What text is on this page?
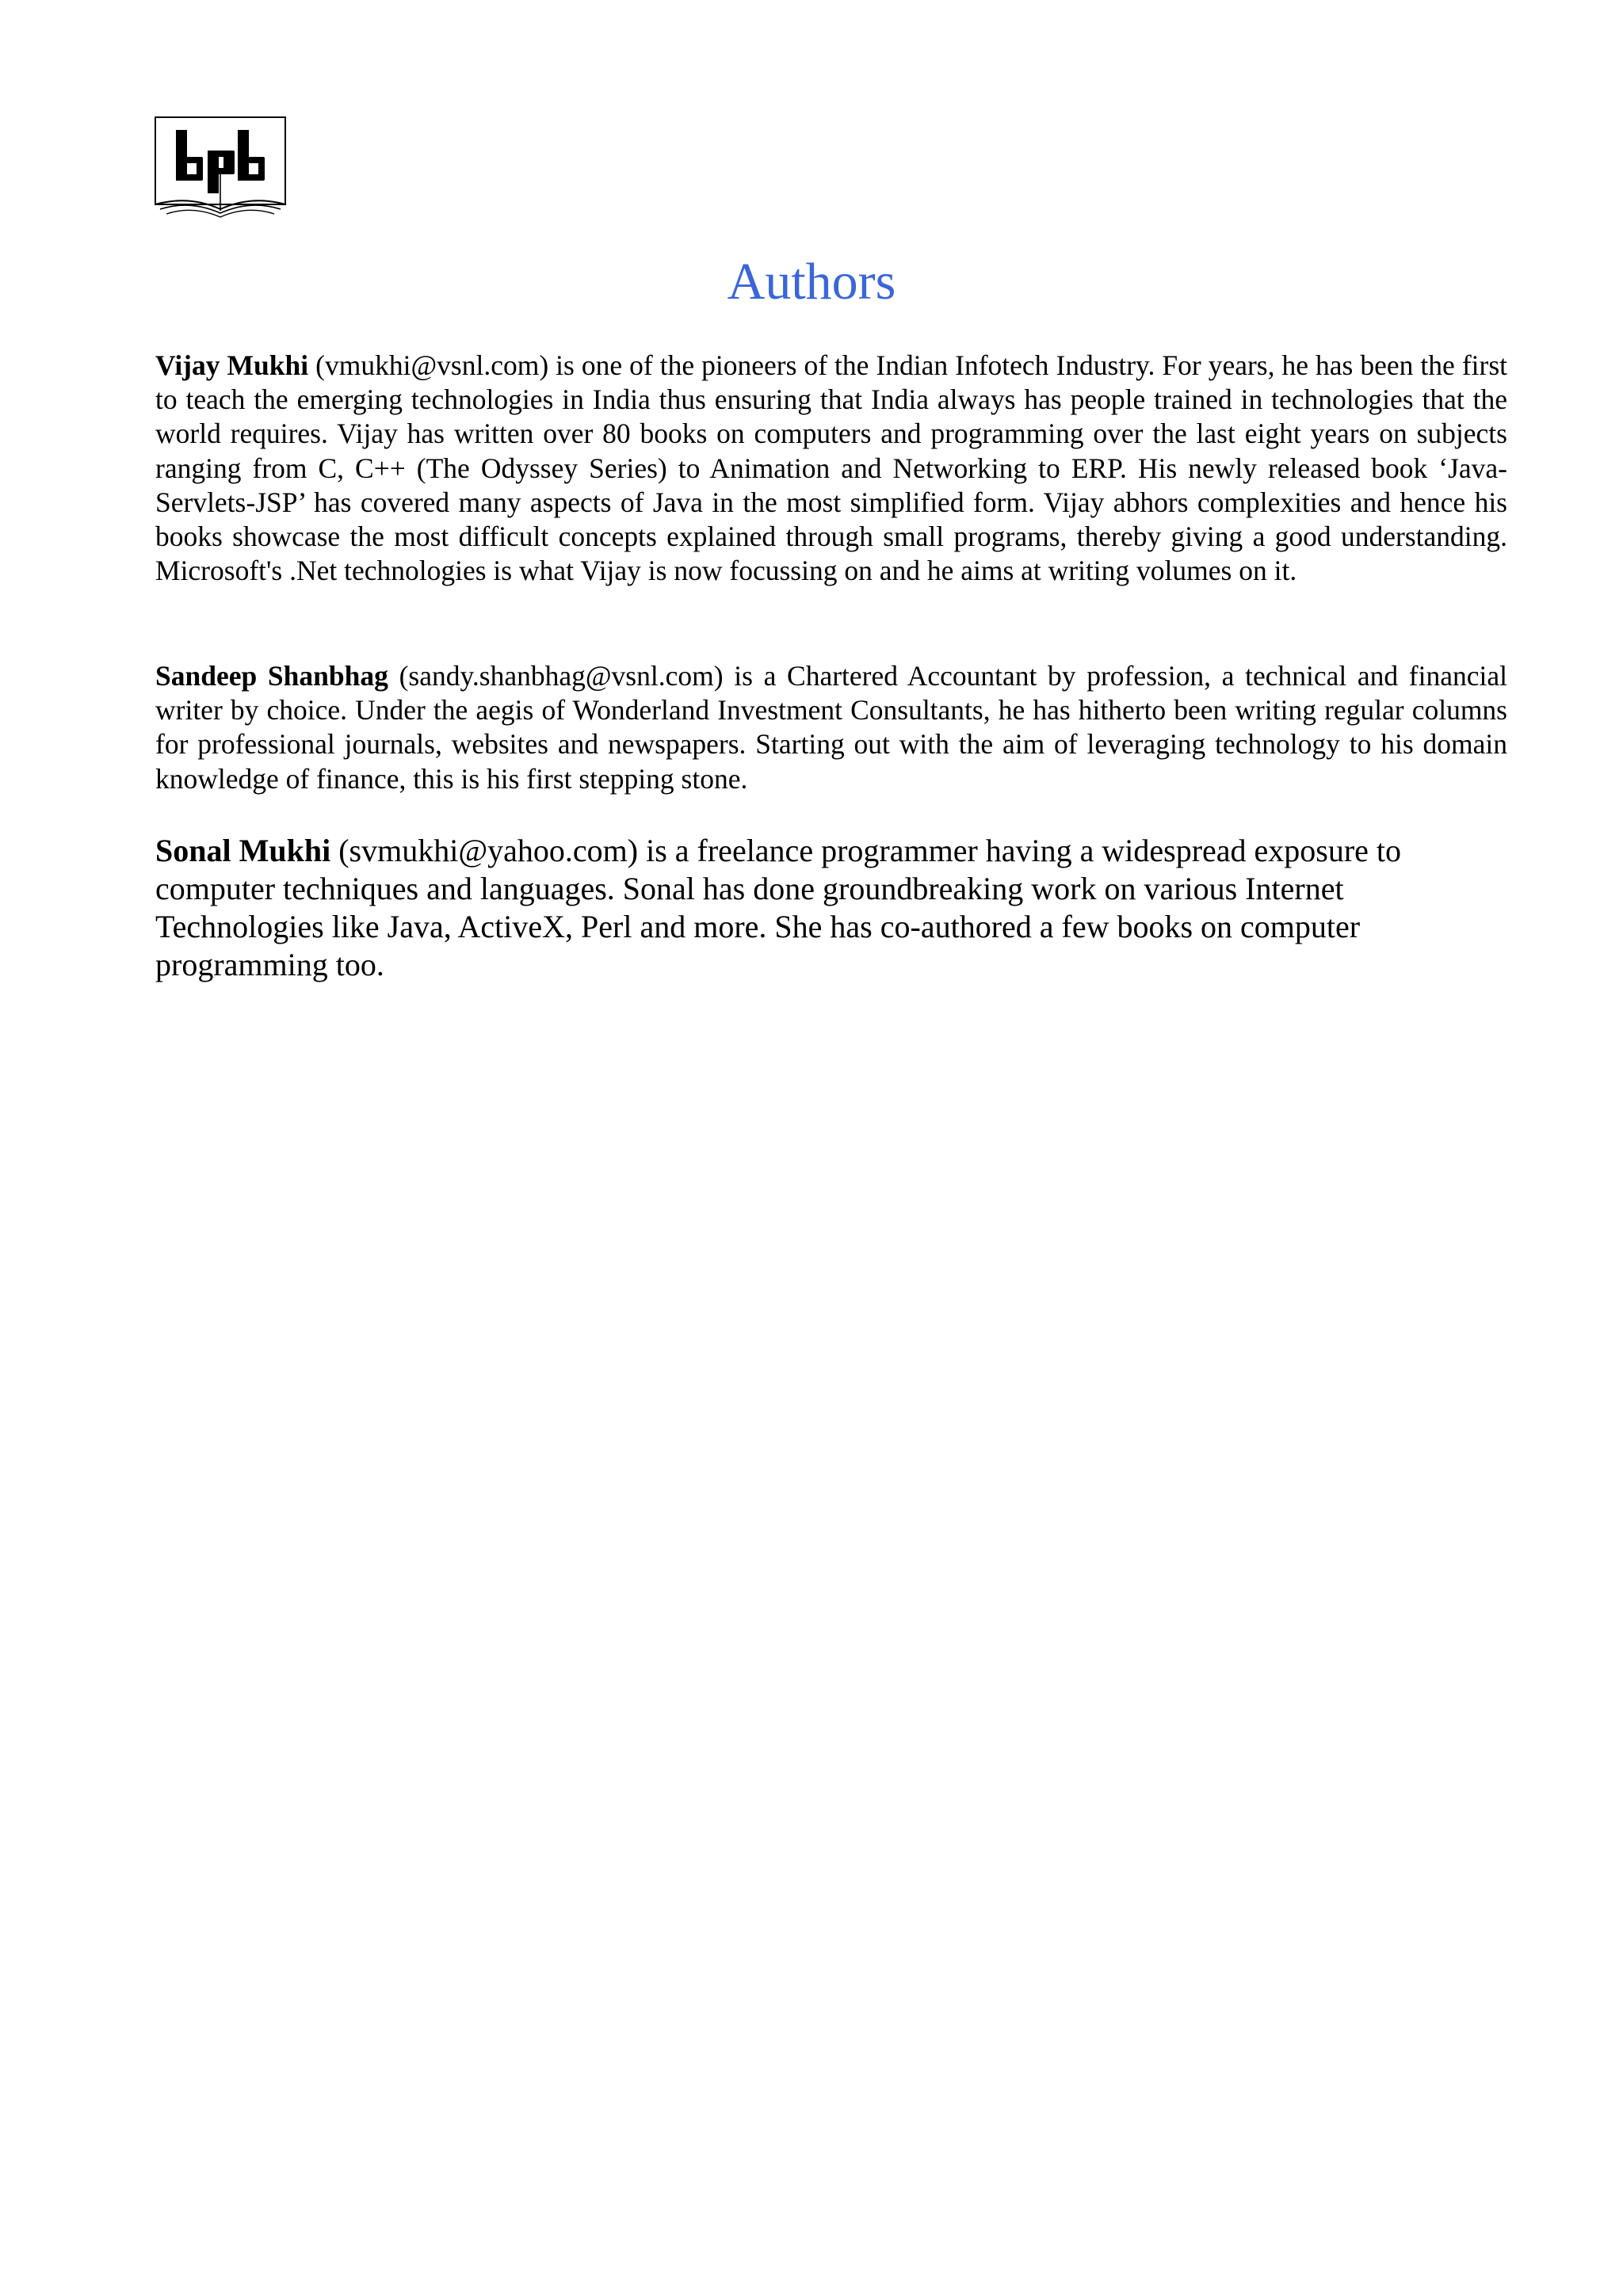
Authors

Vijay Mukhi (vmukhi@vsnl.com) is one of the pioneers of the Indian Infotech Industry. For years, he has been the first to teach the emerging technologies in India thus ensuring that India always has people trained in technologies that the world requires. Vijay has written over 80 books on computers and programming over the last eight years on subjects ranging from C, C++ (The Odyssey Series) to Animation and Networking to ERP. His newly released book ‘Java-Servlets-JSP’ has covered many aspects of Java in the most simplified form. Vijay abhors complexities and hence his books showcase the most difficult concepts explained through small programs, thereby giving a good understanding. Microsoft's .Net technologies is what Vijay is now focussing on and he aims at writing volumes on it.

Sandeep Shanbhag (sandy.shanbhag@vsnl.com) is a Chartered Accountant by profession, a technical and financial writer by choice. Under the aegis of Wonderland Investment Consultants, he has hitherto been writing regular columns for professional journals, websites and newspapers. Starting out with the aim of leveraging technology to his domain knowledge of finance, this is his first stepping stone.

Sonal Mukhi (svmukhi@yahoo.com) is a freelance programmer having a widespread exposure to computer techniques and languages. Sonal has done groundbreaking work on various Internet Technologies like Java, ActiveX, Perl and more. She has co-authored a few books on computer programming too.
